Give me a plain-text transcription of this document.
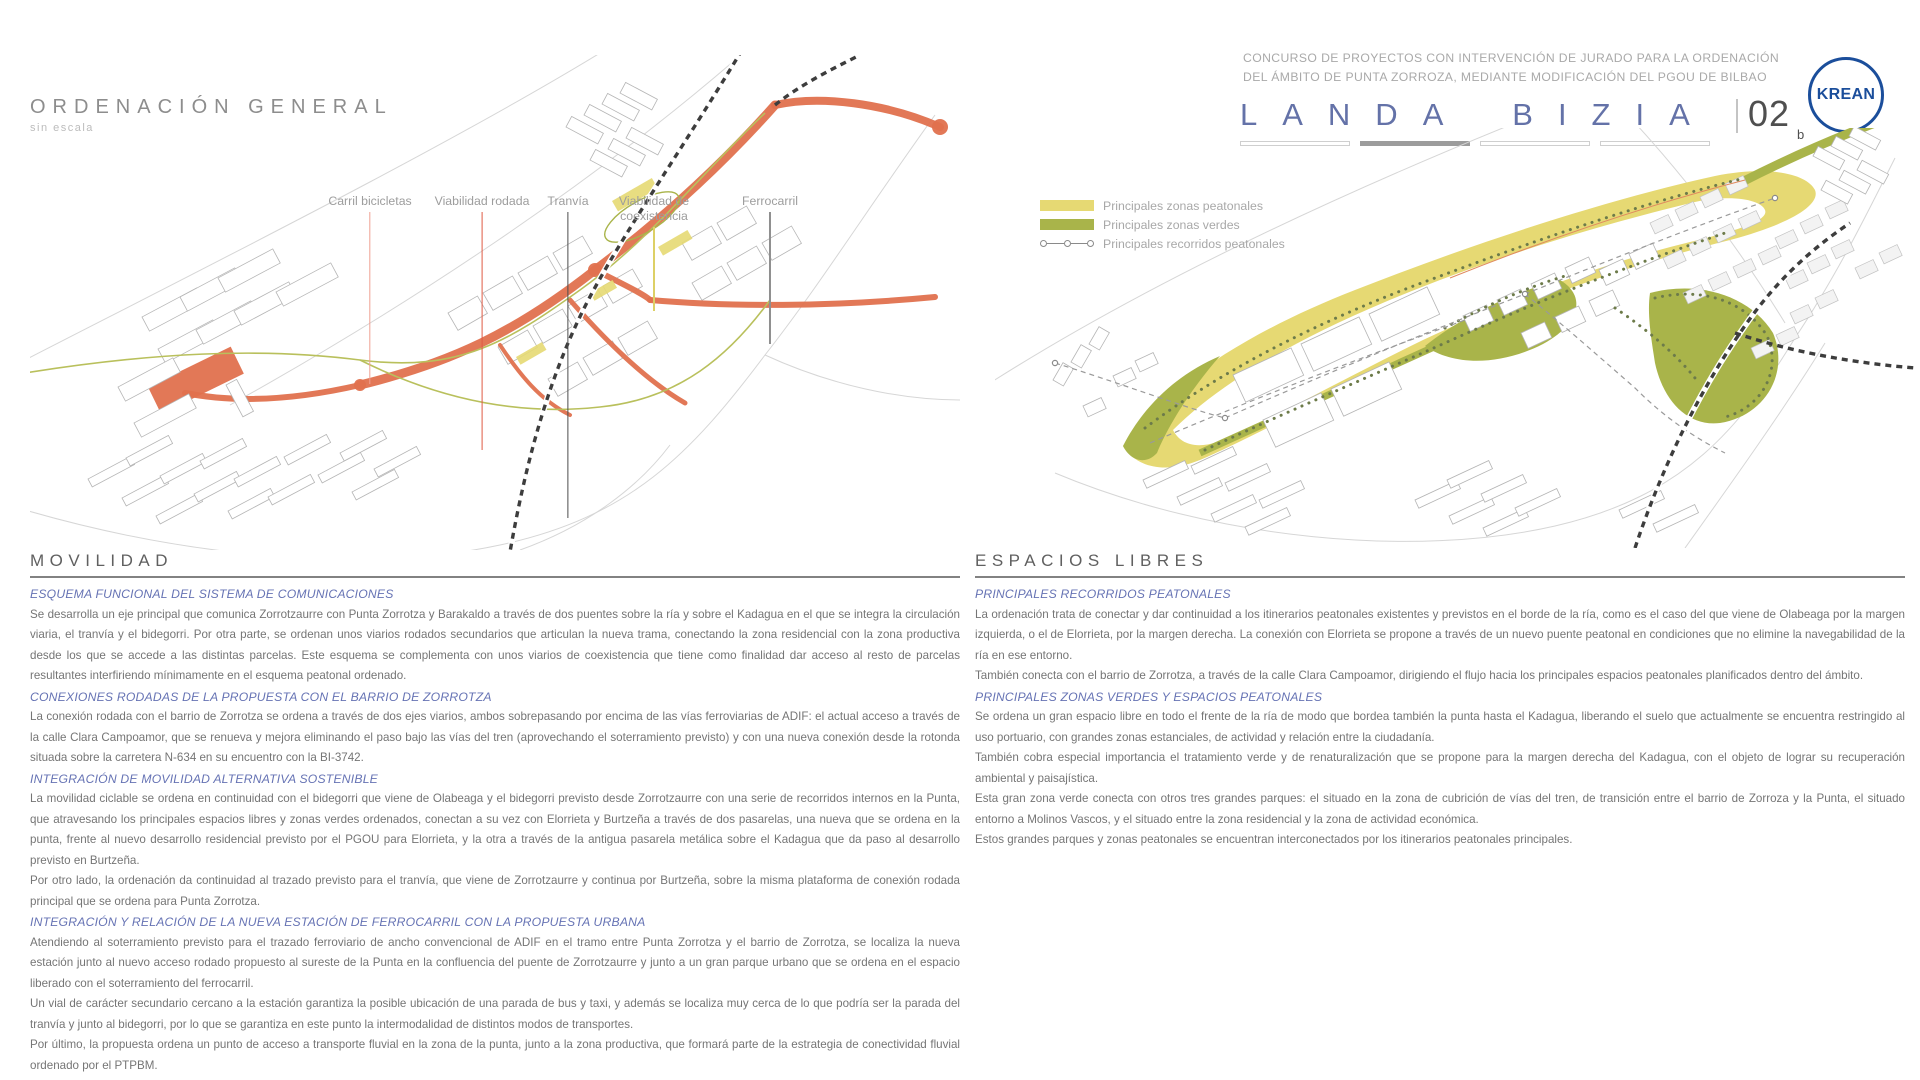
ORDENACIÓN GENERAL
sin escala
Carril bicicletas Viabilidad rodada Tranvía	Viabilidad de coexistencia
Ferrocarril
CONCURSO DE PROYECTOS CON INTERVENCIÓN DE JURADO PARA LA ORDENACIÓN
DEL ÁMBITO DE PUNTA ZORROZA, MEDIANTE MODIFICACIÓN DEL PGOU DE BILBAO
LANDA BIZIA 02
b
KREAN
Principales zonas peatonales
Principales zonas verdes
Principales recorridos peatonales
MOVILIDAD

ESQUEMA FUNCIONAL DEL SISTEMA DE COMUNICACIONES

Se desarrolla un eje principal que comunica Zorrotzaurre con Punta Zorrotza y Barakaldo a través de dos puentes sobre la ría y sobre el Kadagua en el que se integra la circulación viaria, el tranvía y el bidegorri. Por otra parte, se ordenan unos viarios rodados secundarios que articulan la nueva trama, conectando la zona residencial con la zona productiva desde los que se accede a las distintas parcelas. Este esquema se complementa con unos viarios de coexistencia que tiene como finalidad dar acceso al resto de parcelas resultantes interfiriendo mínimamente en el esquema peatonal ordenado.

CONEXIONES RODADAS DE LA PROPUESTA CON EL BARRIO DE ZORROTZA

La conexión rodada con el barrio de Zorrotza se ordena a través de dos ejes viarios, ambos sobrepasando por encima de las vías ferroviarias de ADIF: el actual acceso a través de la calle Clara Campoamor, que se renueva y mejora eliminando el paso bajo las vías del tren (aprovechando el soterramiento previsto) y con una nueva conexión desde la rotonda situada sobre la carretera N-634 en su encuentro con la BI-3742.

INTEGRACIÓN DE MOVILIDAD ALTERNATIVA SOSTENIBLE

La movilidad ciclable se ordena en continuidad con el bidegorri que viene de Olabeaga y el bidegorri previsto desde Zorrotzaurre con una serie de recorridos internos en la Punta, que atravesando los principales espacios libres y zonas verdes ordenados, conectan a su vez con Elorrieta y Burtzeña a través de dos pasarelas, una nueva que se ordena en la punta, frente al nuevo desarrollo residencial previsto por el PGOU para Elorrieta, y la otra a través de la antigua pasarela metálica sobre el Kadagua que da paso al desarrollo previsto en Burtzeña.

Por otro lado, la ordenación da continuidad al trazado previsto para el tranvía, que viene de Zorrotzaurre y continua por Burtzeña, sobre la misma plataforma de conexión rodada principal que se ordena para Punta Zorrotza.

INTEGRACIÓN Y RELACIÓN DE LA NUEVA ESTACIÓN DE FERROCARRIL CON LA PROPUESTA URBANA

Atendiendo al soterramiento previsto para el trazado ferroviario de ancho convencional de ADIF en el tramo entre Punta Zorrotza y el barrio de Zorrotza, se localiza la nueva estación junto al nuevo acceso rodado propuesto al sureste de la Punta en la confluencia del puente de Zorrotzaurre y junto a un gran parque urbano que se ordena en el espacio liberado con el soterramiento del ferrocarril.

Un vial de carácter secundario cercano a la estación garantiza la posible ubicación de una parada de bus y taxi, y además se localiza muy cerca de lo que podría ser la parada del tranvía y junto al bidegorri, por lo que se garantiza en este punto la intermodalidad de distintos modos de transportes.

Por último, la propuesta ordena un punto de acceso a transporte fluvial en la zona de la punta, junto a la zona productiva, que formará parte de la estrategia de conectividad fluvial ordenado por el PTPBM.

ESPACIOS LIBRES

PRINCIPALES RECORRIDOS PEATONALES

La ordenación trata de conectar y dar continuidad a los itinerarios peatonales existentes y previstos en el borde de la ría, como es el caso del que viene de Olabeaga por la margen izquierda, o el de Elorrieta, por la margen derecha. La conexión con Elorrieta se propone a través de un nuevo puente peatonal en condiciones que no elimine la navegabilidad de la ría en ese entorno.

También conecta con el barrio de Zorrotza, a través de la calle Clara Campoamor, dirigiendo el flujo hacia los principales espacios peatonales planificados dentro del ámbito.

PRINCIPALES ZONAS VERDES Y ESPACIOS PEATONALES

Se ordena un gran espacio libre en todo el frente de la ría de modo que bordea también la punta hasta el Kadagua, liberando el suelo que actualmente se encuentra restringido al uso portuario, con grandes zonas estanciales, de actividad y relación entre la ciudadanía.

También cobra especial importancia el tratamiento verde y de renaturalización que se propone para la margen derecha del Kadagua, con el objeto de lograr su recuperación ambiental y paisajística.

Esta gran zona verde conecta con otros tres grandes parques: el situado en la zona de cubrición de vías del tren, de transición entre el barrio de Zorroza y la Punta, el situado entorno a Molinos Vascos, y el situado entre la zona residencial y la zona de actividad económica.

Estos grandes parques y zonas peatonales se encuentran interconectados por los itinerarios peatonales principales.
